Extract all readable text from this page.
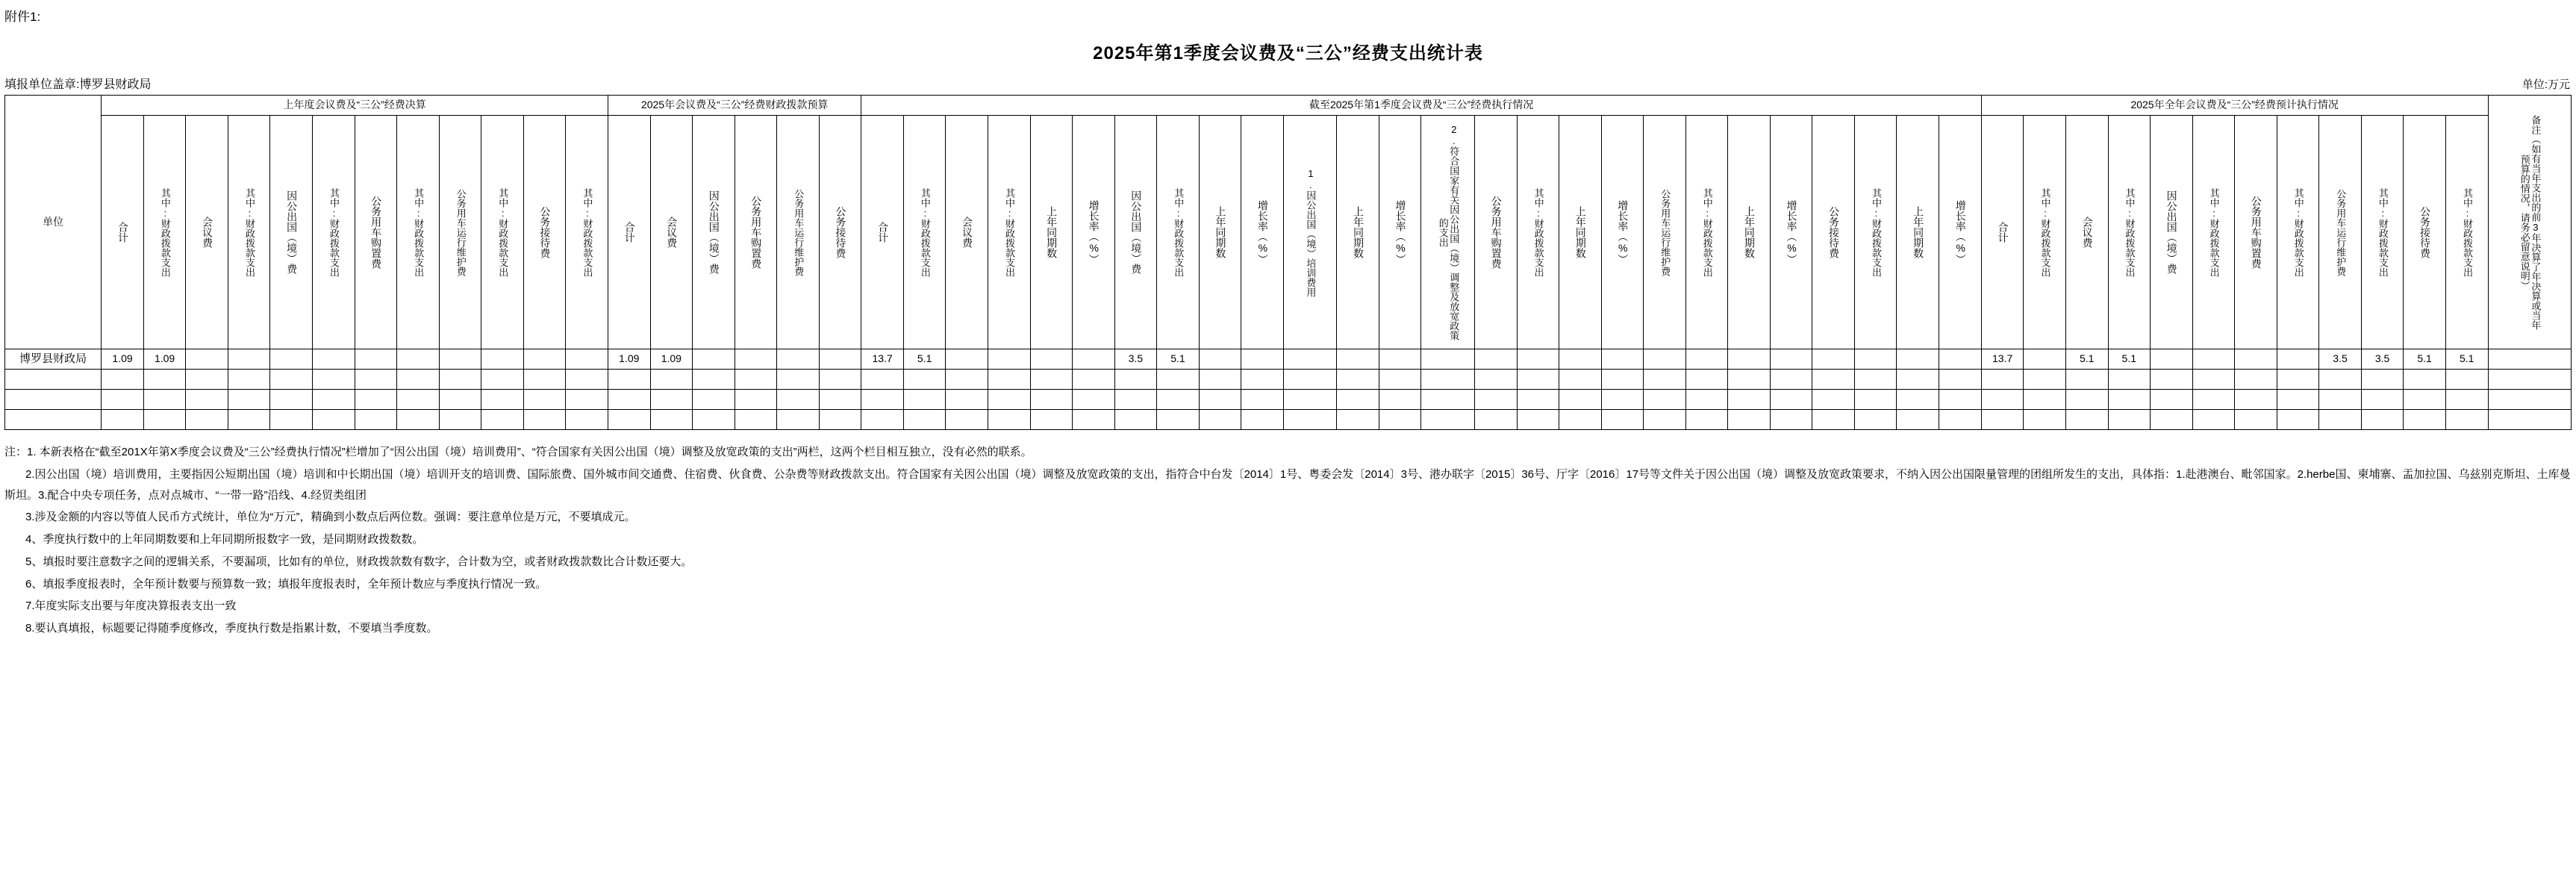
附件1:
2025年第1季度会议费及“三公”经费支出统计表
填报单位盖章:博罗县财政局	单位:万元
单位	上年度会议费及“三公”经费决算												2025年会议费及“三公”经费财政拨款预算						截至2025年第1季度会议费及“三公”经费执行情况																										2025年全年会议费及“三公”经费预计执行情况												备注（如有当年支出的前3年决算了年决算或当年预算的情况，请务必留意说明）

	合计	其中:财政拨款支出	会议费	其中:财政拨款支出	因公出国（境）费	其中:财政拨款支出	公务用车购置费	其中:财政拨款支出	公务用车运行维护费	其中:财政拨款支出	公务接待费	其中:财政拨款支出	合计	会议费	因公出国（境）费	公务用车购置费	公务用车运行维护费	公务接待费	合计	其中:财政拨款支出	会议费	其中:财政拨款支出	上年同期数	增长率（%）	因公出国（境）费	其中:财政拨款支出	上年同期数	增长率（%）	1.因公出国（境）培训费用	上年同期数	增长率（%）	2.符合国家有关因公出国（境）调整及放宽政策的支出	公务用车购置费	其中:财政拨款支出	上年同期数	增长率（%）	公务用车运行维护费	其中:财政拨款支出	上年同期数	增长率（%）	公务接待费	其中:财政拨款支出	上年同期数	增长率（%）	合计	其中:财政拨款支出	会议费	其中:财政拨款支出	因公出国（境）费	其中:财政拨款支出	公务用车购置费	其中:财政拨款支出	公务用车运行维护费	其中:财政拨款支出	公务接待费	其中:财政拨款支出	

博罗县财政局	1.09	1.09											1.09	1.09					13.7	5.1					3.5	5.1																			13.7		5.1	5.1					3.5	3.5	5.1	5.1	

注：1. 本新表格在“截至201X年第X季度会议费及“三公”经费执行情况”栏增加了“因公出国（境）培训费用”、“符合国家有关因公出国（境）调整及放宽政策的支出”两栏，这两个栏目相互独立，没有必然的联系。

2.因公出国（境）培训费用，主要指因公短期出国（境）培训和中长期出国（境）培训开支的培训费、国际旅费、国外城市间交通费、住宿费、伙食费、公杂费等财政拨款支出。符合国家有关因公出国（境）调整及放宽政策的支出，指符合中台发〔2014〕1号、粤委会发〔2014〕3号、港办联字〔2015〕36号、厅字〔2016〕17号等文件关于因公出国（境）调整及放宽政策要求，不纳入因公出国限量管理的团组所发生的支出，具体指：1.赴港澳台、毗邻国家。2.herbe国、柬埔寨、盂加拉国、乌兹别克斯坦、土库曼斯坦。3.配合中央专项任务，点对点城市、“一带一路”沿线、4.经贸类组团

3.涉及金额的内容以等值人民币方式统计，单位为“万元”，精确到小数点后两位数。强调：要注意单位是万元，不要填成元。

4、季度执行数中的上年同期数要和上年同期所报数字一致，是同期财政拨数数。

5、填报时要注意数字之间的逻辑关系，不要漏项，比如有的单位，财政拨款数有数字，合计数为空，或者财政拨款数比合计数还要大。

6、填报季度报表时，全年预计数要与预算数一致；填报年度报表时，全年预计数应与季度执行情况一致。

7.年度实际支出要与年度决算报表支出一致

8.要认真填报，标题要记得随季度修改，季度执行数是指累计数，不要填当季度数。
